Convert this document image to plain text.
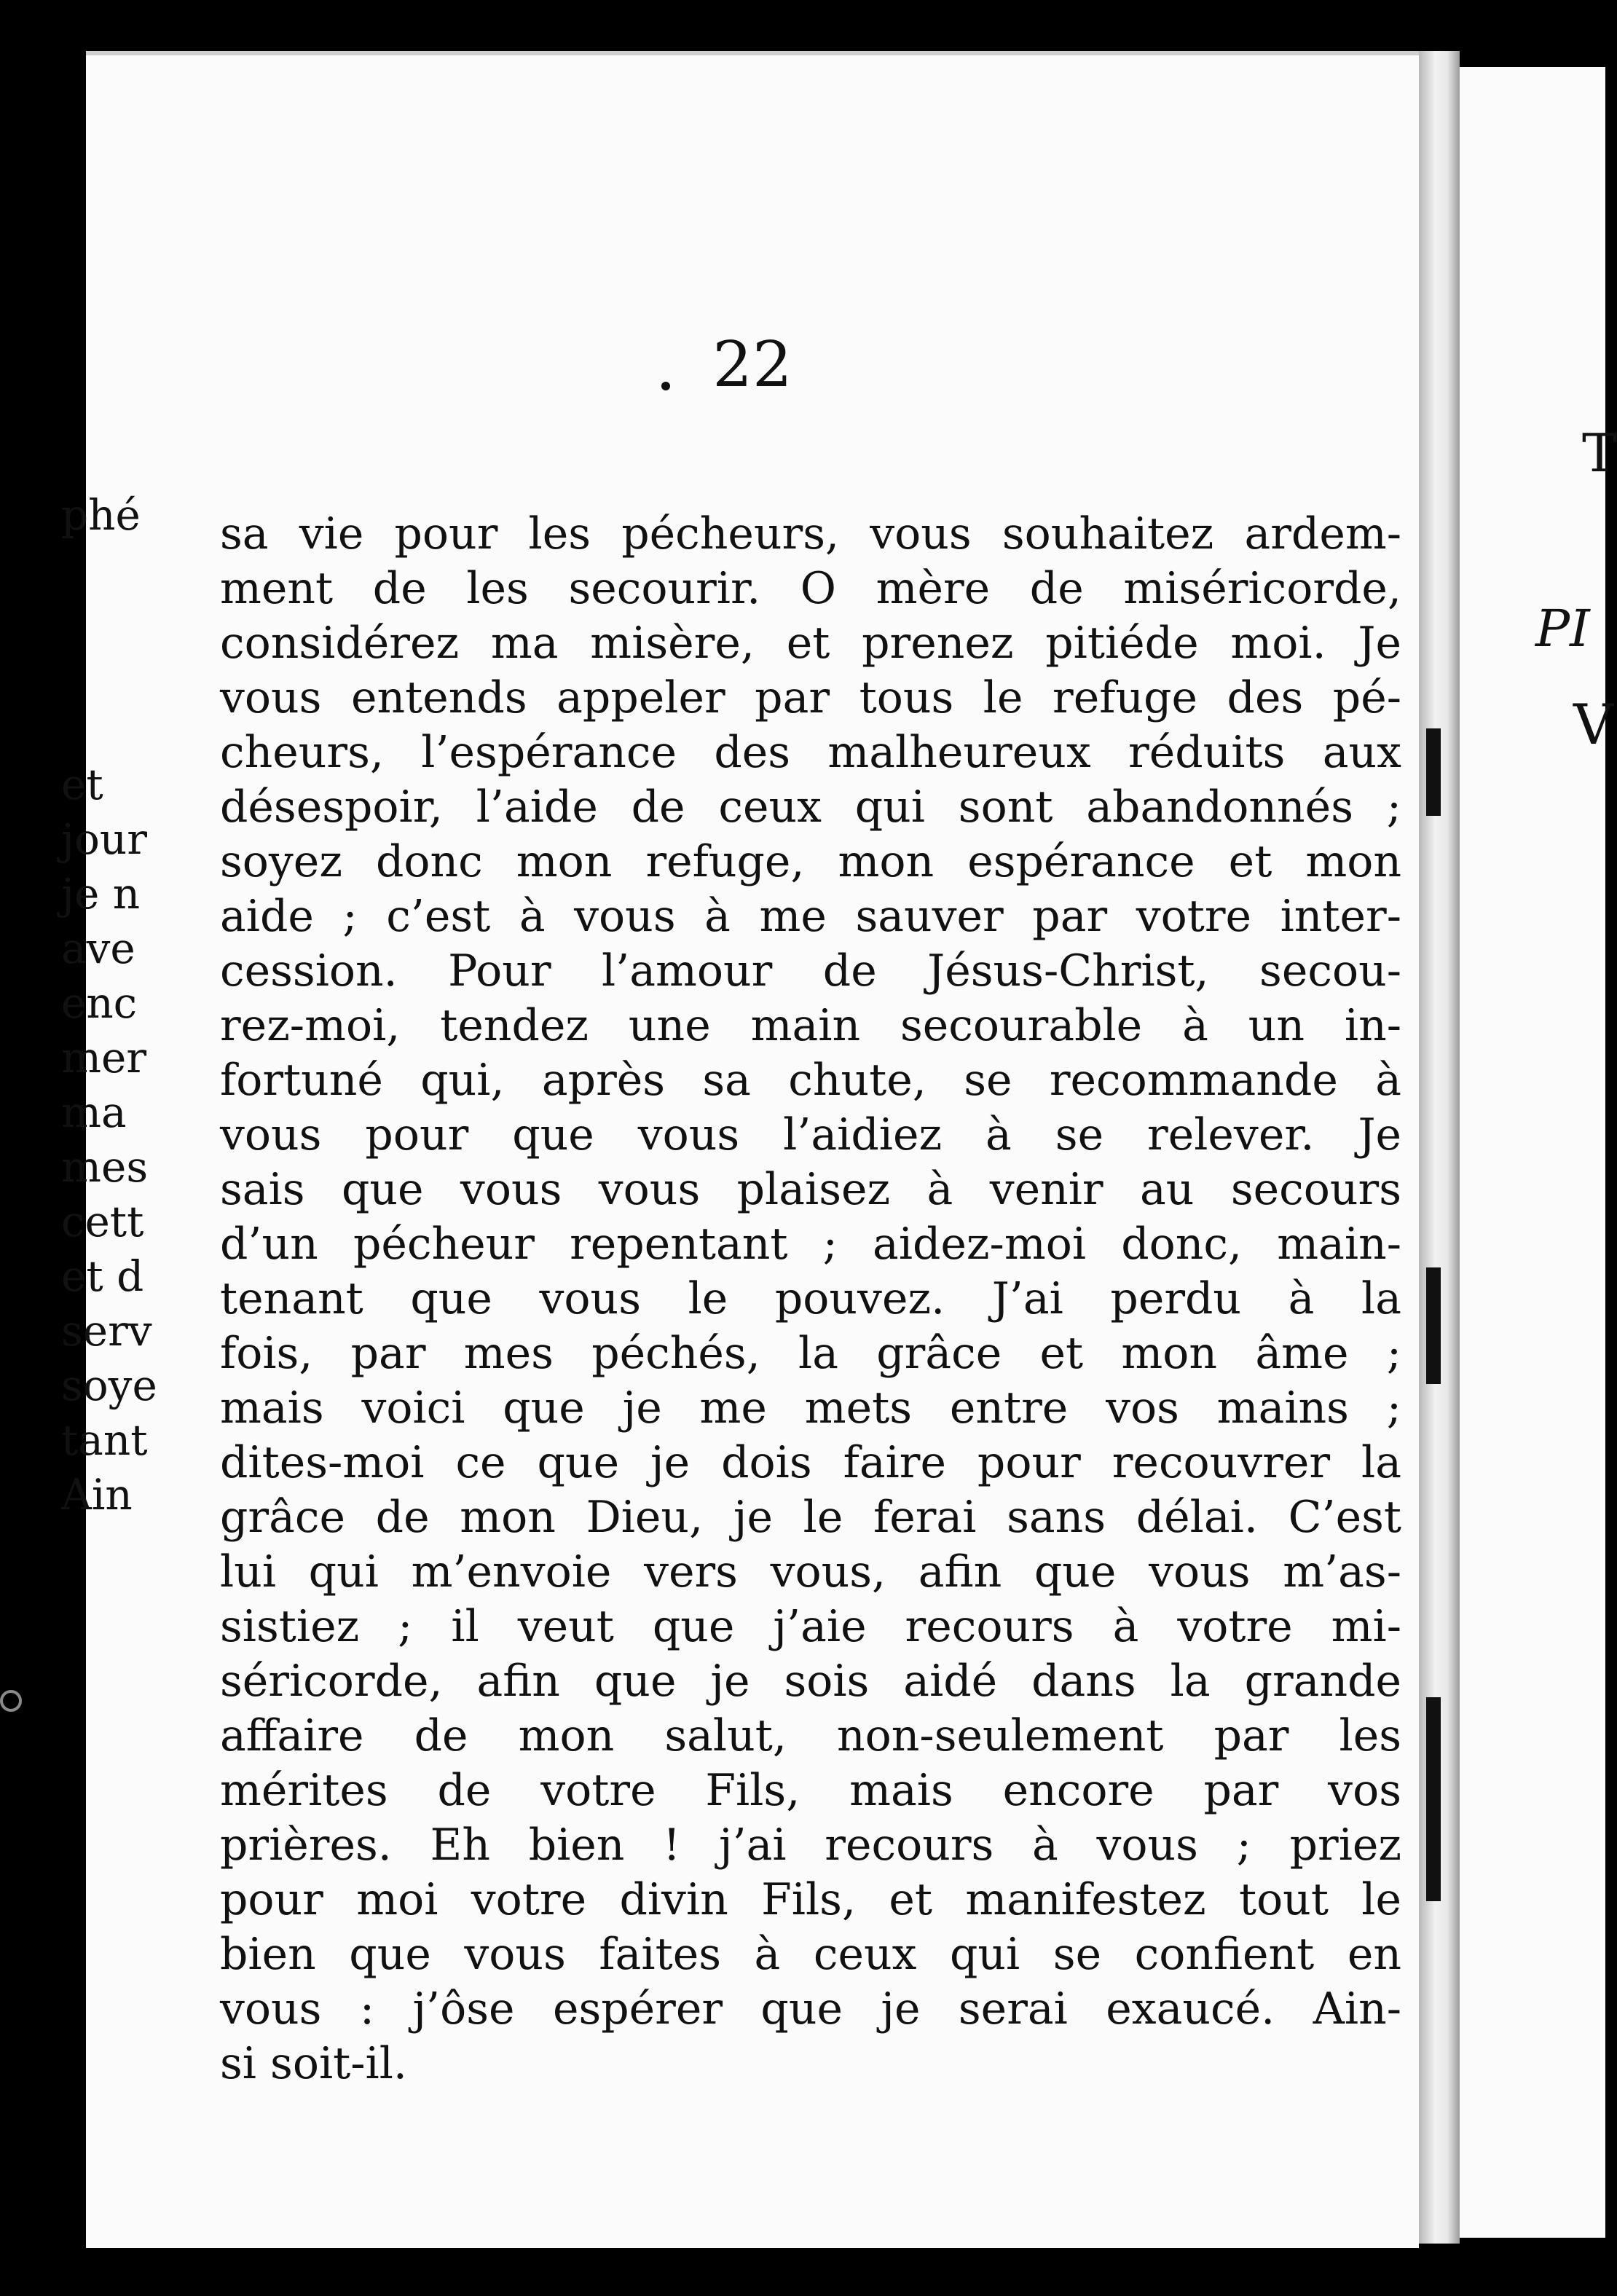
22
sa vie pour les pécheurs, vous souhaitez ardem-
ment de les secourir. O mère de miséricorde,
considérez ma misère, et prenez pitiéde moi. Je
vous entends appeler par tous le refuge des pé-
cheurs, l’espérance des malheureux réduits aux
désespoir, l’aide de ceux qui sont abandonnés ;
soyez donc mon refuge, mon espérance et mon
aide ; c’est à vous à me sauver par votre inter-
cession. Pour l’amour de Jésus-Christ, secou-
rez-moi, tendez une main secourable à un in-
fortuné qui, après sa chute, se recommande à
vous pour que vous l’aidiez à se relever. Je
sais que vous vous plaisez à venir au secours
d’un pécheur repentant ; aidez-moi donc, main-
tenant que vous le pouvez. J’ai perdu à la
fois, par mes péchés, la grâce et mon âme ;
mais voici que je me mets entre vos mains ;
dites-moi ce que je dois faire pour recouvrer la
grâce de mon Dieu, je le ferai sans délai. C’est
lui qui m’envoie vers vous, afin que vous m’as-
sistiez ; il veut que j’aie recours à votre mi-
séricorde, afin que je sois aidé dans la grande
affaire de mon salut, non-seulement par les
mérites de votre Fils, mais encore par vos
prières. Eh bien ! j’ai recours à vous ; priez
pour moi votre divin Fils, et manifestez tout le
bien que vous faites à ceux qui se confient en
vous : j’ôse espérer que je serai exaucé. Ain-
si soit-il.
T
phé
PI
V
et
jour
je n
ave
enc
mer
ma
mes
cett
et d
serv
soye
tant
Ain
